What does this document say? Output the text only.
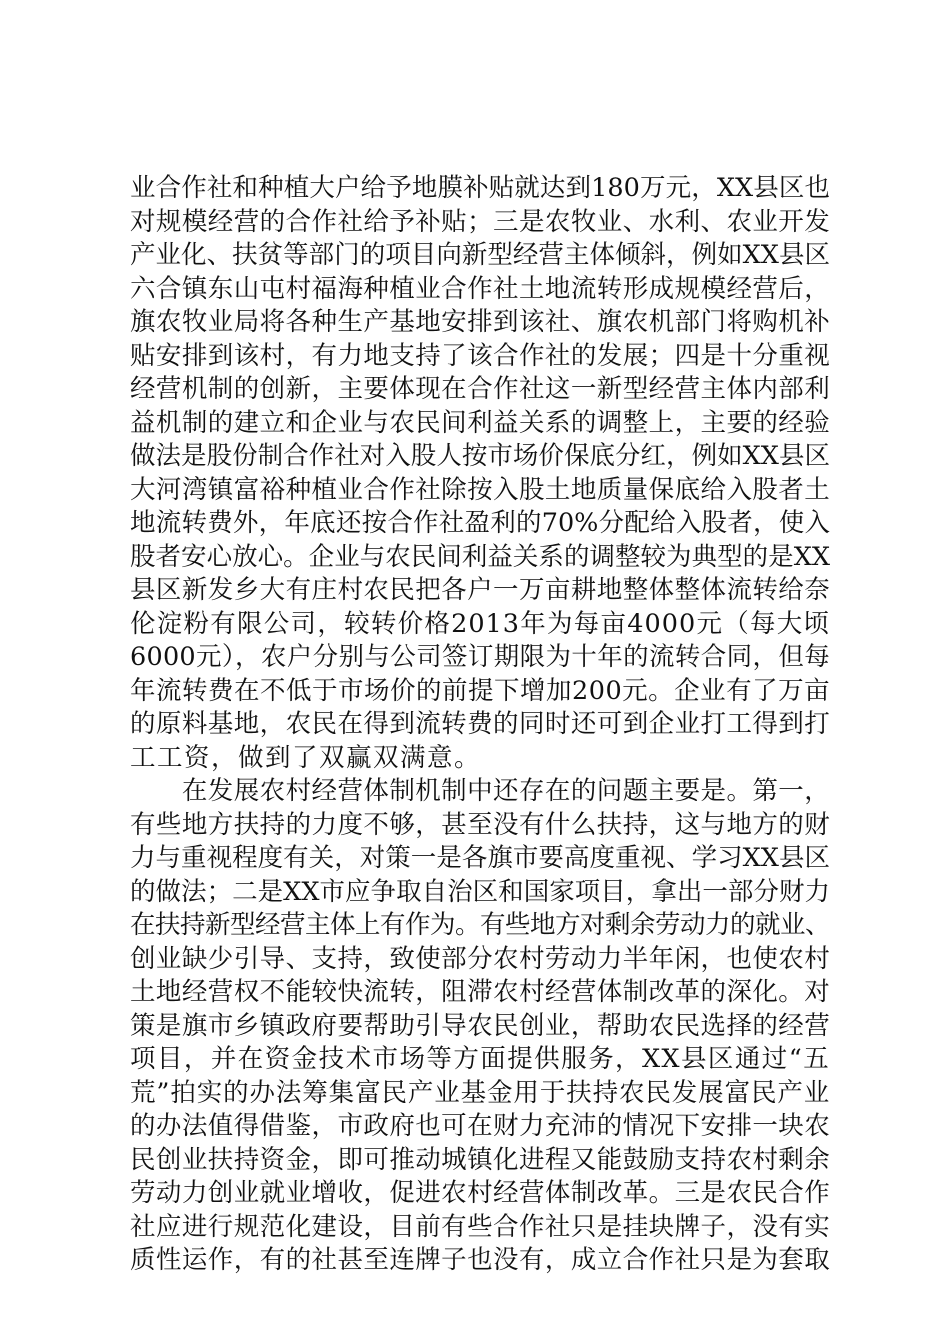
业合作社和种植大户给予地膜补贴就达到180万元，XX县区也
对规模经营的合作社给予补贴；三是农牧业、水利、农业开发
产业化、扶贫等部门的项目向新型经营主体倾斜，例如XX县区
六合镇东山屯村福海种植业合作社土地流转形成规模经营后，
旗农牧业局将各种生产基地安排到该社、旗农机部门将购机补
贴安排到该村，有力地支持了该合作社的发展；四是十分重视
经营机制的创新，主要体现在合作社这一新型经营主体内部利
益机制的建立和企业与农民间利益关系的调整上，主要的经验
做法是股份制合作社对入股人按市场价保底分红，例如XX县区
大河湾镇富裕种植业合作社除按入股土地质量保底给入股者土
地流转费外，年底还按合作社盈利的70%分配给入股者，使入
股者安心放心。企业与农民间利益关系的调整较为典型的是XX
县区新发乡大有庄村农民把各户一万亩耕地整体整体流转给奈
伦淀粉有限公司，较转价格2013年为每亩4000元（每大顷
6000元），农户分别与公司签订期限为十年的流转合同，但每
年流转费在不低于市场价的前提下增加200元。企业有了万亩
的原料基地，农民在得到流转费的同时还可到企业打工得到打
工工资，做到了双赢双满意。
　　在发展农村经营体制机制中还存在的问题主要是。第一，
有些地方扶持的力度不够，甚至没有什么扶持，这与地方的财
力与重视程度有关，对策一是各旗市要高度重视、学习XX县区
的做法；二是XX市应争取自治区和国家项目，拿出一部分财力
在扶持新型经营主体上有作为。有些地方对剩余劳动力的就业、
创业缺少引导、支持，致使部分农村劳动力半年闲，也使农村
土地经营权不能较快流转，阻滞农村经营体制改革的深化。对
策是旗市乡镇政府要帮助引导农民创业，帮助农民选择的经营
项目，并在资金技术市场等方面提供服务，XX县区通过“五
荒”拍实的办法筹集富民产业基金用于扶持农民发展富民产业
的办法值得借鉴，市政府也可在财力充沛的情况下安排一块农
民创业扶持资金，即可推动城镇化进程又能鼓励支持农村剩余
劳动力创业就业增收，促进农村经营体制改革。三是农民合作
社应进行规范化建设，目前有些合作社只是挂块牌子，没有实
质性运作，有的社甚至连牌子也没有，成立合作社只是为套取
